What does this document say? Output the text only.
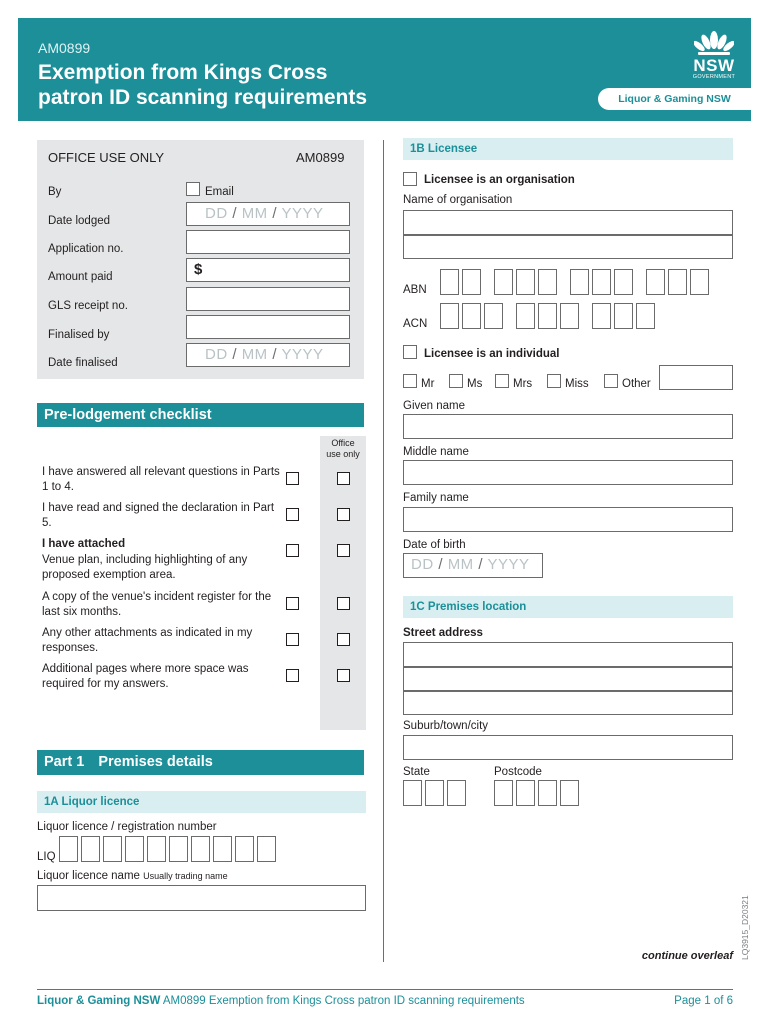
AM0899
Exemption from Kings Cross
patron ID scanning requirements
NSW
GOVERNMENT
Liquor & Gaming NSW
OFFICE USE ONLY	AM0899
By	Email
Date lodged	DD / MM / YYYY
Application no.
Amount paid	$
GLS receipt no.
Finalised by
Date finalised	DD / MM / YYYY
Pre-lodgement checklist
Office
use only
I have answered all relevant questions in Parts 1 to 4.
I have read and signed the declaration in Part 5.
I have attached
Venue plan, including highlighting of any proposed exemption area.
A copy of the venue's incident register for the last six months.
Any other attachments as indicated in my responses.
Additional pages where more space was required for my answers.
Part 1 Premises details
1A Liquor licence
Liquor licence / registration number
LIQ
Liquor licence name Usually trading name
1B Licensee
Licensee is an organisation
Name of organisation
ABN
ACN
Licensee is an individual
Mr	Ms	Mrs	Miss	Other
Given name
Middle name
Family name
Date of birth
DD / MM / YYYY
1C Premises location
Street address
Suburb/town/city
State	Postcode
continue overleaf LQ3915_D20321
Liquor & Gaming NSW AM0899 Exemption from Kings Cross patron ID scanning requirements	Page 1 of 6
